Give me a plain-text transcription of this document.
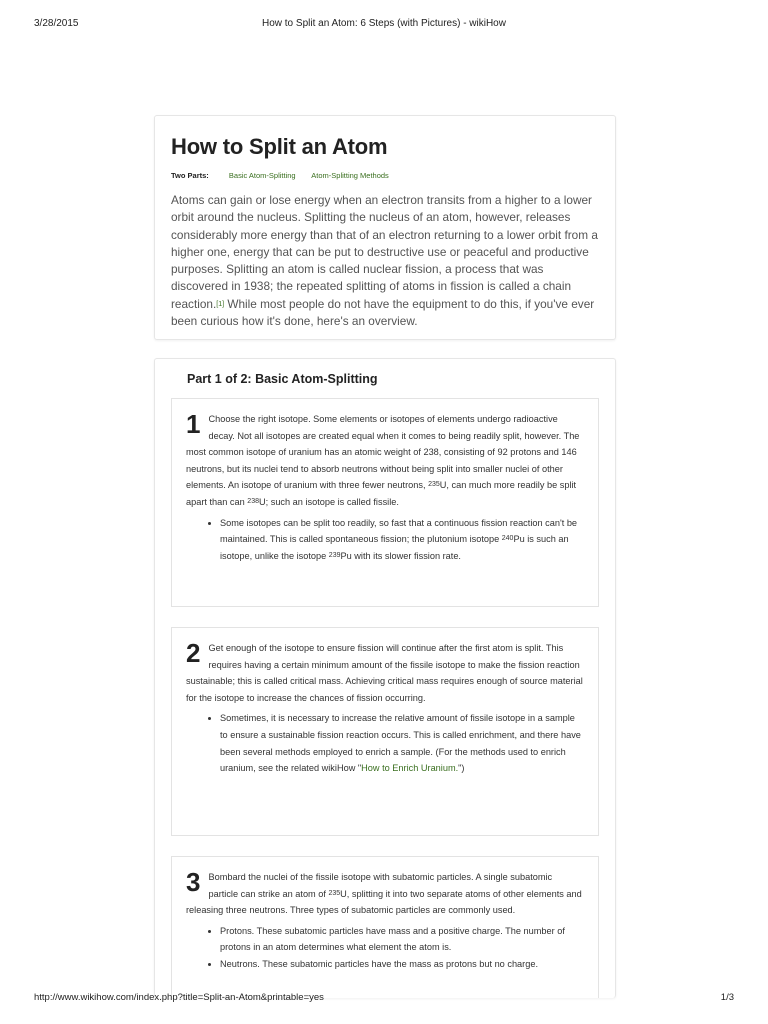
3/28/2015	How to Split an Atom: 6 Steps (with Pictures) - wikiHow
How to Split an Atom
Two Parts:	Basic Atom-Splitting Atom-Splitting Methods
Atoms can gain or lose energy when an electron transits from a higher to a lower orbit around the nucleus. Splitting the nucleus of an atom, however, releases considerably more energy than that of an electron returning to a lower orbit from a higher one, energy that can be put to destructive use or peaceful and productive purposes. Splitting an atom is called nuclear fission, a process that was discovered in 1938; the repeated splitting of atoms in fission is called a chain reaction.[1] While most people do not have the equipment to do this, if you've ever been curious how it's done, here's an overview.
Part 1 of 2: Basic Atom-Splitting
1 Choose the right isotope. Some elements or isotopes of elements undergo radioactive decay. Not all isotopes are created equal when it comes to being readily split, however. The most common isotope of uranium has an atomic weight of 238, consisting of 92 protons and 146 neutrons, but its nuclei tend to absorb neutrons without being split into smaller nuclei of other elements. An isotope of uranium with three fewer neutrons, $^{235}$U, can much more readily be split apart than can $^{238}$U; such an isotope is called fissile.
• Some isotopes can be split too readily, so fast that a continuous fission reaction can't be maintained. This is called spontaneous fission; the plutonium isotope $^{240}$Pu is such an isotope, unlike the isotope $^{239}$Pu with its slower fission rate.
2 Get enough of the isotope to ensure fission will continue after the first atom is split. This requires having a certain minimum amount of the fissile isotope to make the fission reaction sustainable; this is called critical mass. Achieving critical mass requires enough of source material for the isotope to increase the chances of fission occurring.
• Sometimes, it is necessary to increase the relative amount of fissile isotope in a sample to ensure a sustainable fission reaction occurs. This is called enrichment, and there have been several methods employed to enrich a sample. (For the methods used to enrich uranium, see the related wikiHow "How to Enrich Uranium.")
3 Bombard the nuclei of the fissile isotope with subatomic particles. A single subatomic particle can strike an atom of $^{235}$U, splitting it into two separate atoms of other elements and releasing three neutrons. Three types of subatomic particles are commonly used.
• Protons. These subatomic particles have mass and a positive charge. The number of protons in an atom determines what element the atom is.
• Neutrons. These subatomic particles have the mass as protons but no charge.
http://www.wikihow.com/index.php?title=Split-an-Atom&printable=yes	1/3
